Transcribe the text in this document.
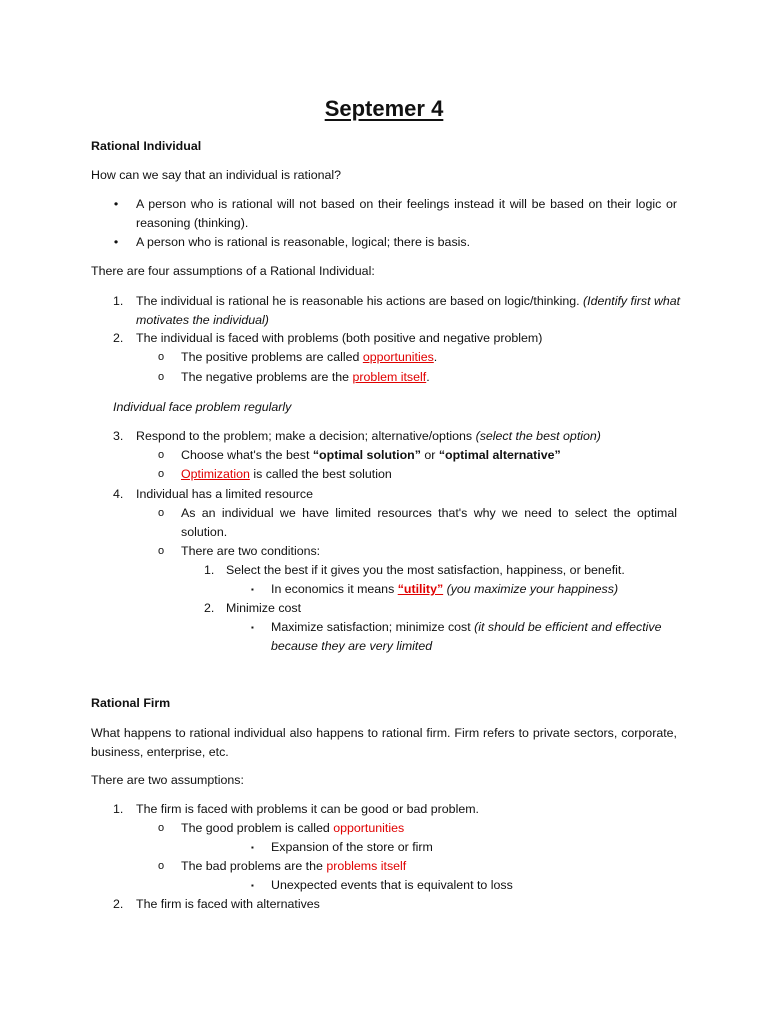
Septemer 4
Rational Individual
How can we say that an individual is rational?
•	A person who is rational will not based on their feelings instead it will be based on their logic or reasoning (thinking).
•	A person who is rational is reasonable, logical; there is basis.
There are four assumptions of a Rational Individual:
1.	The individual is rational he is reasonable his actions are based on logic/thinking. (Identify first what motivates the individual)
2.	The individual is faced with problems (both positive and negative problem)
o The positive problems are called opportunities.
o The negative problems are the problem itself.
Individual face problem regularly
3.	Respond to the problem; make a decision; alternative/options (select the best option)
o Choose what's the best “optimal solution” or “optimal alternative”
o Optimization is called the best solution
4.	Individual has a limited resource
o As an individual we have limited resources that's why we need to select the optimal solution.
o There are two conditions:
1. Select the best if it gives you the most satisfaction, happiness, or benefit.
▪ In economics it means “utility” (you maximize your happiness)
2. Minimize cost
▪ Maximize satisfaction; minimize cost (it should be efficient and effective because they are very limited
Rational Firm
What happens to rational individual also happens to rational firm. Firm refers to private sectors, corporate, business, enterprise, etc.
There are two assumptions:
1.	The firm is faced with problems it can be good or bad problem.
o The good problem is called opportunities
▪ Expansion of the store or firm
o The bad problems are the problems itself
▪ Unexpected events that is equivalent to loss
2.	The firm is faced with alternatives
